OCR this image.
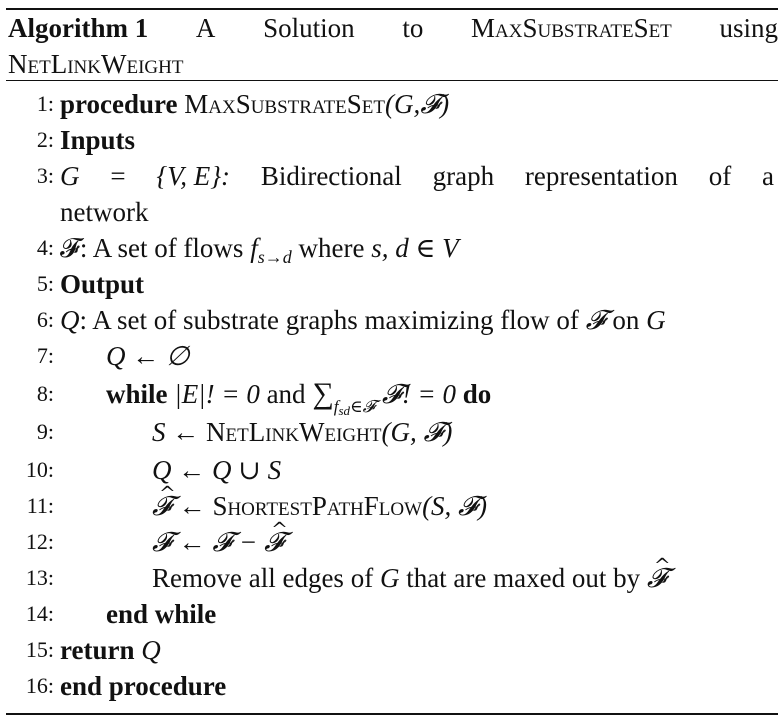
Algorithm 1 A Solution to MaxSubstrateSet using
NetLinkWeight
1: procedure MaxSubstrateSet(G,𝓕)
2: Inputs
3: G = {V, E}: Bidirectional graph representation of a
network
4: 𝓕: A set of flows $f_{s\to d}$ where s, d ∈ V
5: Output
6: Q: A set of substrate graphs maximizing flow of 𝓕 on G
7: Q ← ∅
8: while |E|! = 0 and $\sum_{fsd\in 𝓕}$ 𝓕! = 0 do
9:	S ← NetLinkWeight(G, 𝓕)
10:	Q ← Q ∪ S
11:	^ 𝓕 ← ShortestPathFlow(S, 𝓕)
12:	𝓕 ← 𝓕 − ^ 𝓕
13:	Remove all edges of G that are maxed out by ^ 𝓕
14: end while
15: return Q
16: end procedure
